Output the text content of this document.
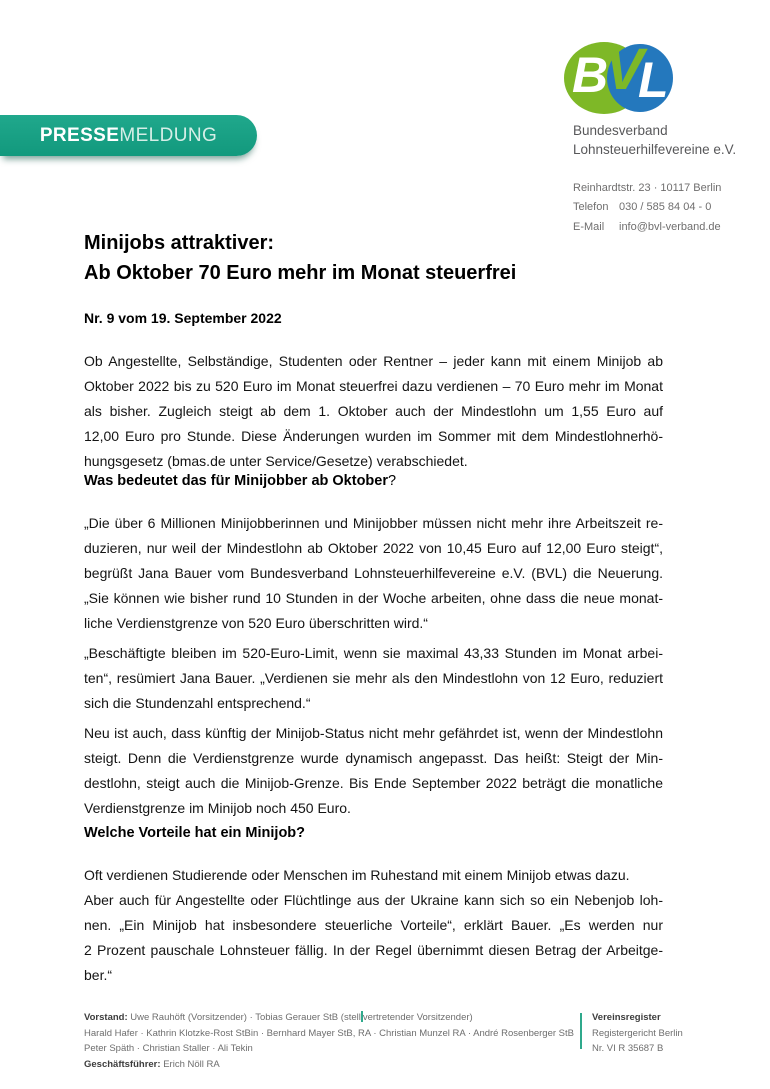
PRESSE MELDUNG
B
V
L
Bundesverband
Lohnsteuerhilfevereine e.V.
Reinhardtstr. 23 · 10117 Berlin
Telefon 030 / 585 84 04 - 0
E-Mail info@bvl-verband.de
Minijobs attraktiver:
Ab Oktober 70 Euro mehr im Monat steuerfrei
Nr. 9 vom 19. September 2022
Ob Angestellte, Selbständige, Studenten oder Rentner – jeder kann mit einem Minijob ab
Oktober 2022 bis zu 520 Euro im Monat steuerfrei dazu verdienen – 70 Euro mehr im Monat
als bisher. Zugleich steigt ab dem 1. Oktober auch der Mindestlohn um 1,55 Euro auf
12,00 Euro pro Stunde. Diese Änderungen wurden im Sommer mit dem Mindestlohnerhö-
hungsgesetz (bmas.de unter Service/Gesetze) verabschiedet.
Was bedeutet das für Minijobber ab Oktober?
„Die über 6 Millionen Minijobberinnen und Minijobber müssen nicht mehr ihre Arbeitszeit re-
duzieren, nur weil der Mindestlohn ab Oktober 2022 von 10,45 Euro auf 12,00 Euro steigt“,
begrüßt Jana Bauer vom Bundesverband Lohnsteuerhilfevereine e.V. (BVL) die Neuerung.
„Sie können wie bisher rund 10 Stunden in der Woche arbeiten, ohne dass die neue monat-
liche Verdienstgrenze von 520 Euro überschritten wird.“
„Beschäftigte bleiben im 520-Euro-Limit, wenn sie maximal 43,33 Stunden im Monat arbei-
ten“, resümiert Jana Bauer. „Verdienen sie mehr als den Mindestlohn von 12 Euro, reduziert
sich die Stundenzahl entsprechend.“
Neu ist auch, dass künftig der Minijob-Status nicht mehr gefährdet ist, wenn der Mindestlohn
steigt. Denn die Verdienstgrenze wurde dynamisch angepasst. Das heißt: Steigt der Min-
destlohn, steigt auch die Minijob-Grenze. Bis Ende September 2022 beträgt die monatliche
Verdienstgrenze im Minijob noch 450 Euro.
Welche Vorteile hat ein Minijob?
Oft verdienen Studierende oder Menschen im Ruhestand mit einem Minijob etwas dazu.
Aber auch für Angestellte oder Flüchtlinge aus der Ukraine kann sich so ein Nebenjob loh-
nen. „Ein Minijob hat insbesondere steuerliche Vorteile“, erklärt Bauer. „Es werden nur
2 Prozent pauschale Lohnsteuer fällig. In der Regel übernimmt diesen Betrag der Arbeitge-
ber.“
Vorstand: Uwe Rauhöft (Vorsitzender) · Tobias Gerauer StB (stell vertretender Vorsitzender)
Harald Hafer · Kathrin Klotzke-Rost StBin · Bernhard Mayer StB, RA · Christian Munzel RA · André Rosenberger StB
Peter Späth · Christian Staller · Ali Tekin
Geschäftsführer: Erich Nöll RA
Vereinsregister
Registergericht Berlin
Nr. VI R 35687 B
